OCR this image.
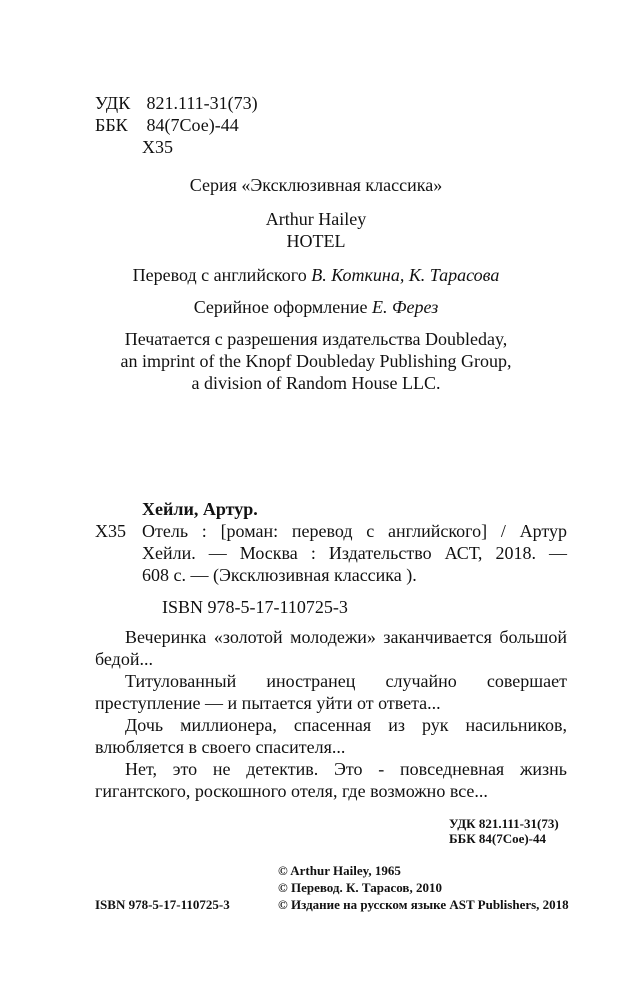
УДК 821.111-31(73)
ББК 84(7Сое)-44
Х35
Серия «Эксклюзивная классика»
Arthur Hailey
HOTEL
Перевод с английского В. Коткина, К. Тарасова
Серийное оформление Е. Ферез
Печатается с разрешения издательства Doubleday,
an imprint of the Knopf Doubleday Publishing Group,
a division of Random House LLC.
Хейли, Артур.
Х35 Отель : [роман: перевод с английского] / Артур
Хейли. — Москва : Издательство АСТ, 2018. —
608 с. — (Эксклюзивная классика ).
ISBN 978-5-17-110725-3
Вечеринка «золотой молодежи» заканчивается большой бедой...
Титулованный иностранец случайно совершает преступление — и пытается уйти от ответа...
Дочь миллионера, спасенная из рук насильников, влюбляется в своего спасителя...
Нет, это не детектив. Это - повседневная жизнь гигантского, роскошного отеля, где возможно все...
УДК 821.111-31(73)
ББК 84(7Сое)-44
© Arthur Hailey, 1965
© Перевод. К. Тарасов, 2010
ISBN 978-5-17-110725-3	© Издание на русском языке AST Publishers, 2018
